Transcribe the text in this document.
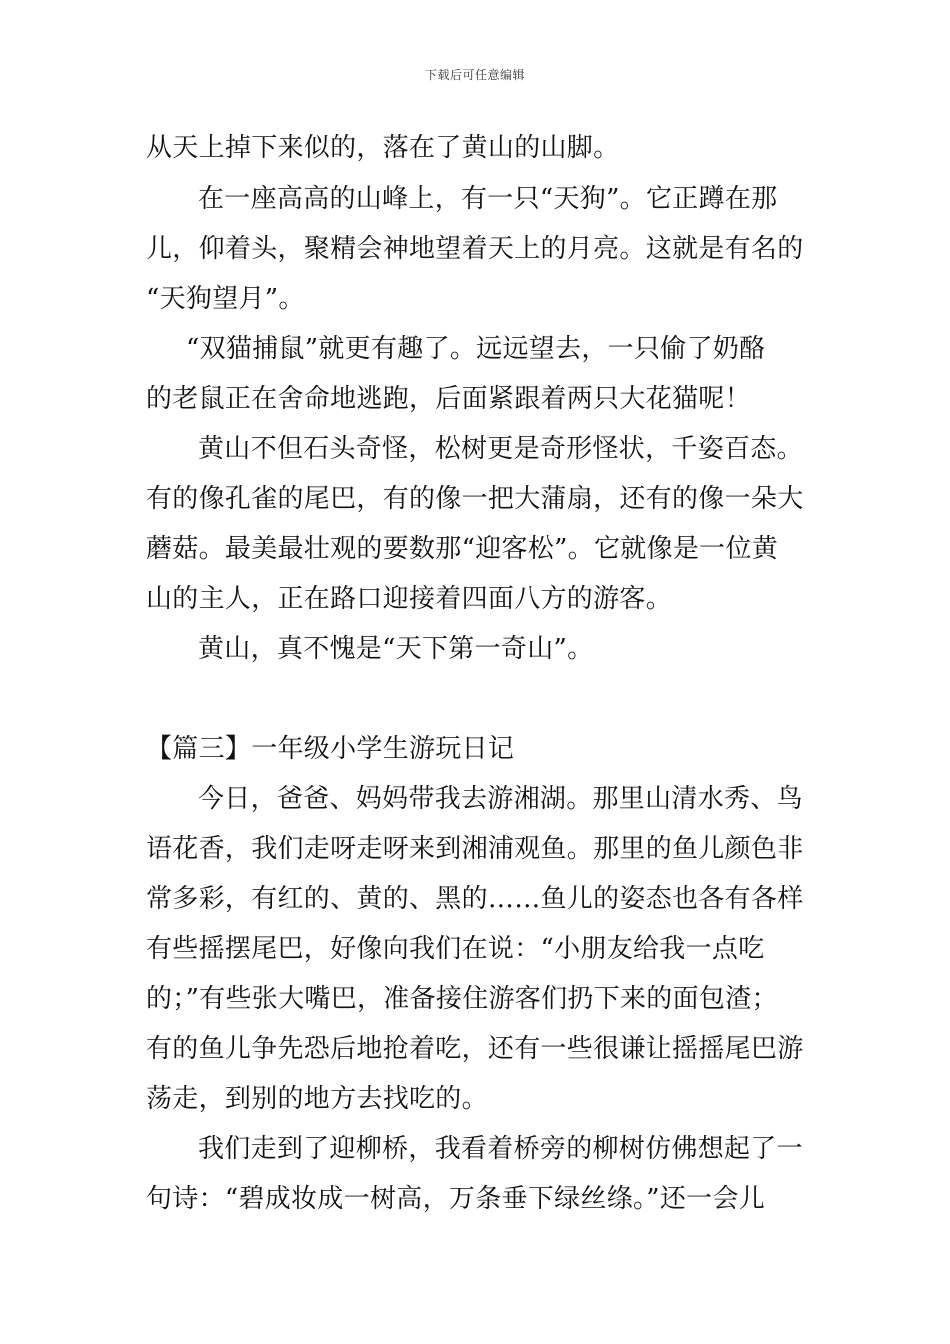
下载后可任意编辑
从天上掉下来似的，落在了黄山的山脚。
在一座高高的山峰上，有一只“天狗”。它正蹲在那
儿，仰着头，聚精会神地望着天上的月亮。这就是有名的
“天狗望月”。
“双猫捕鼠”就更有趣了。远远望去，一只偷了奶酪
的老鼠正在舍命地逃跑，后面紧跟着两只大花猫呢！
黄山不但石头奇怪，松树更是奇形怪状，千姿百态。
有的像孔雀的尾巴，有的像一把大蒲扇，还有的像一朵大
蘑菇。最美最壮观的要数那“迎客松”。它就像是一位黄
山的主人，正在路口迎接着四面八方的游客。
黄山，真不愧是“天下第一奇山”。
【篇三】一年级小学生游玩日记
今日，爸爸、妈妈带我去游湘湖。那里山清水秀、鸟
语花香，我们走呀走呀来到湘浦观鱼。那里的鱼儿颜色非
常多彩，有红的、黄的、黑的……鱼儿的姿态也各有各样
有些摇摆尾巴，好像向我们在说：“小朋友给我一点吃
的；”有些张大嘴巴，准备接住游客们扔下来的面包渣；
有的鱼儿争先恐后地抢着吃，还有一些很谦让摇摇尾巴游
荡走，到别的地方去找吃的。
我们走到了迎柳桥，我看着桥旁的柳树仿佛想起了一
句诗：“碧成妆成一树高，万条垂下绿丝绦。”还一会儿
